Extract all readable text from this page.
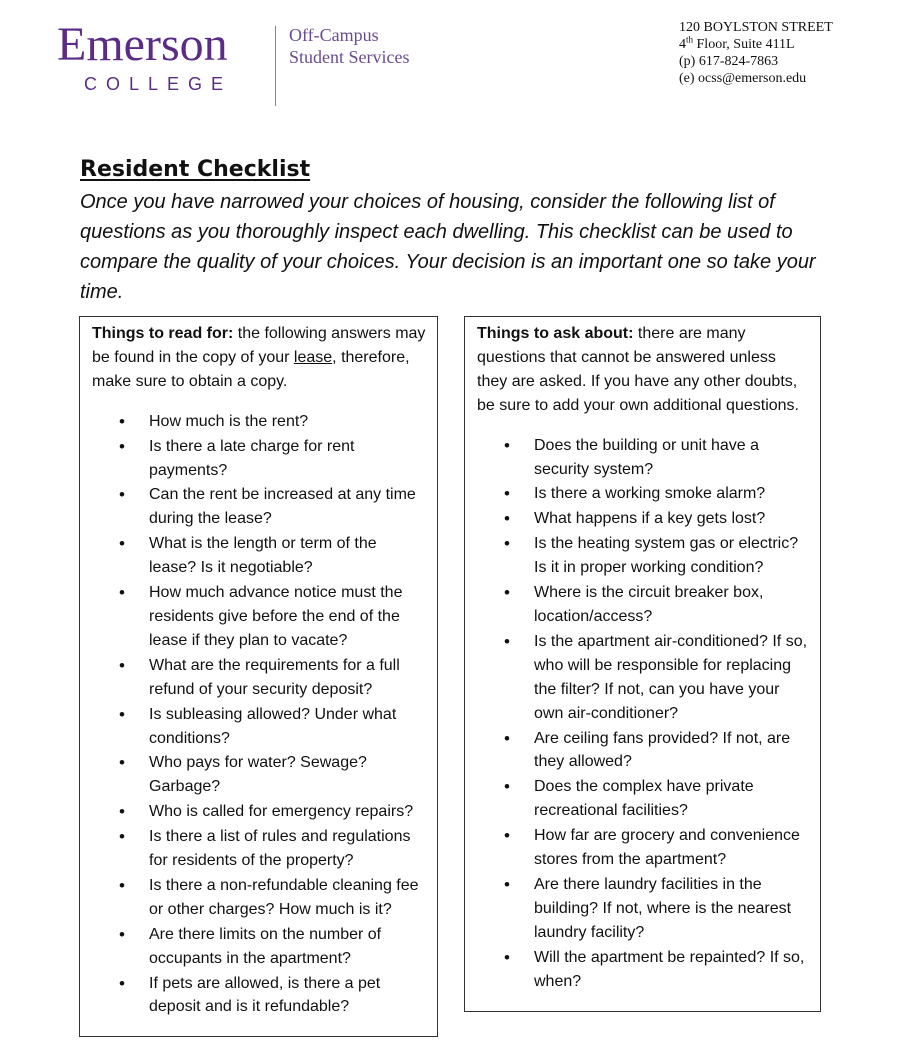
Emerson
COLLEGE
Off-Campus
Student Services
120 BOYLSTON STREET
4th Floor, Suite 411L
(p) 617-824-7863
(e) ocss@emerson.edu
Resident Checklist
Once you have narrowed your choices of housing, consider the following list of questions as you thoroughly inspect each dwelling. This checklist can be used to compare the quality of your choices. Your decision is an important one so take your time.
Things to read for: the following answers may be found in the copy of your lease, therefore, make sure to obtain a copy.
• How much is the rent?
• Is there a late charge for rent payments?
• Can the rent be increased at any time during the lease?
• What is the length or term of the lease? Is it negotiable?
• How much advance notice must the residents give before the end of the lease if they plan to vacate?
• What are the requirements for a full refund of your security deposit?
• Is subleasing allowed? Under what conditions?
• Who pays for water? Sewage? Garbage?
• Who is called for emergency repairs?
• Is there a list of rules and regulations for residents of the property?
• Is there a non-refundable cleaning fee or other charges? How much is it?
• Are there limits on the number of occupants in the apartment?
• If pets are allowed, is there a pet deposit and is it refundable?
Things to ask about: there are many questions that cannot be answered unless they are asked. If you have any other doubts, be sure to add your own additional questions.
• Does the building or unit have a security system?
• Is there a working smoke alarm?
• What happens if a key gets lost?
• Is the heating system gas or electric? Is it in proper working condition?
• Where is the circuit breaker box, location/access?
• Is the apartment air-conditioned? If so, who will be responsible for replacing the filter? If not, can you have your own air-conditioner?
• Are ceiling fans provided? If not, are they allowed?
• Does the complex have private recreational facilities?
• How far are grocery and convenience stores from the apartment?
• Are there laundry facilities in the building? If not, where is the nearest laundry facility?
• Will the apartment be repainted? If so, when?
